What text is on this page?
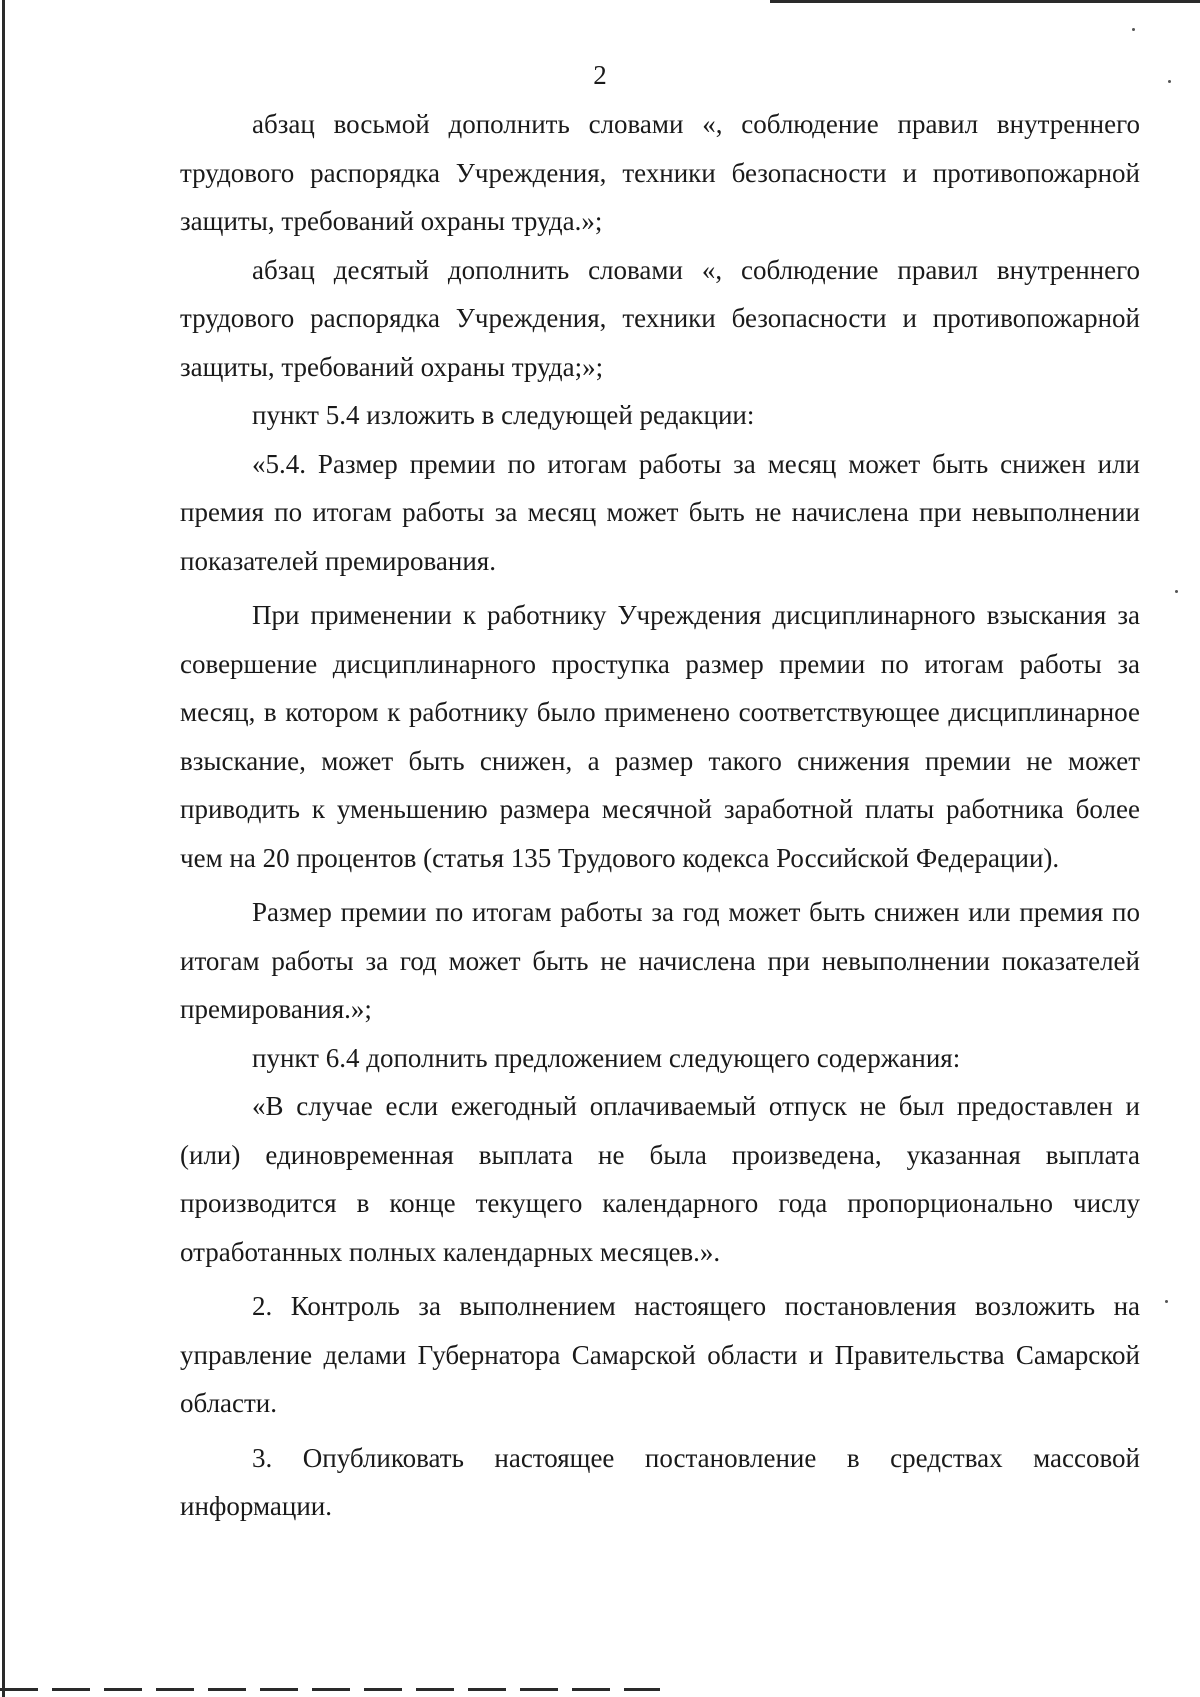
2

абзац восьмой дополнить словами «, соблюдение правил внутреннего трудового распорядка Учреждения, техники безопасности и противопожарной защиты, требований охраны труда.»;

абзац десятый дополнить словами «, соблюдение правил внутреннего трудового распорядка Учреждения, техники безопасности и противопожарной защиты, требований охраны труда;»;

пункт 5.4 изложить в следующей редакции:

«5.4. Размер премии по итогам работы за месяц может быть снижен или премия по итогам работы за месяц может быть не начислена при невыполнении показателей премирования.

При применении к работнику Учреждения дисциплинарного взыскания за совершение дисциплинарного проступка размер премии по итогам работы за месяц, в котором к работнику было применено соответствующее дисциплинарное взыскание, может быть снижен, а размер такого снижения премии не может приводить к уменьшению размера месячной заработной платы работника более чем на 20 процентов (статья 135 Трудового кодекса Российской Федерации).

Размер премии по итогам работы за год может быть снижен или премия по итогам работы за год может быть не начислена при невыполнении показателей премирования.»;

пункт 6.4 дополнить предложением следующего содержания:

«В случае если ежегодный оплачиваемый отпуск не был предоставлен и (или) единовременная выплата не была произведена, указанная выплата производится в конце текущего календарного года пропорционально числу отработанных полных календарных месяцев.».

2. Контроль за выполнением настоящего постановления возложить на управление делами Губернатора Самарской области и Правительства Самарской области.

3. Опубликовать настоящее постановление в средствах массовой информации.
